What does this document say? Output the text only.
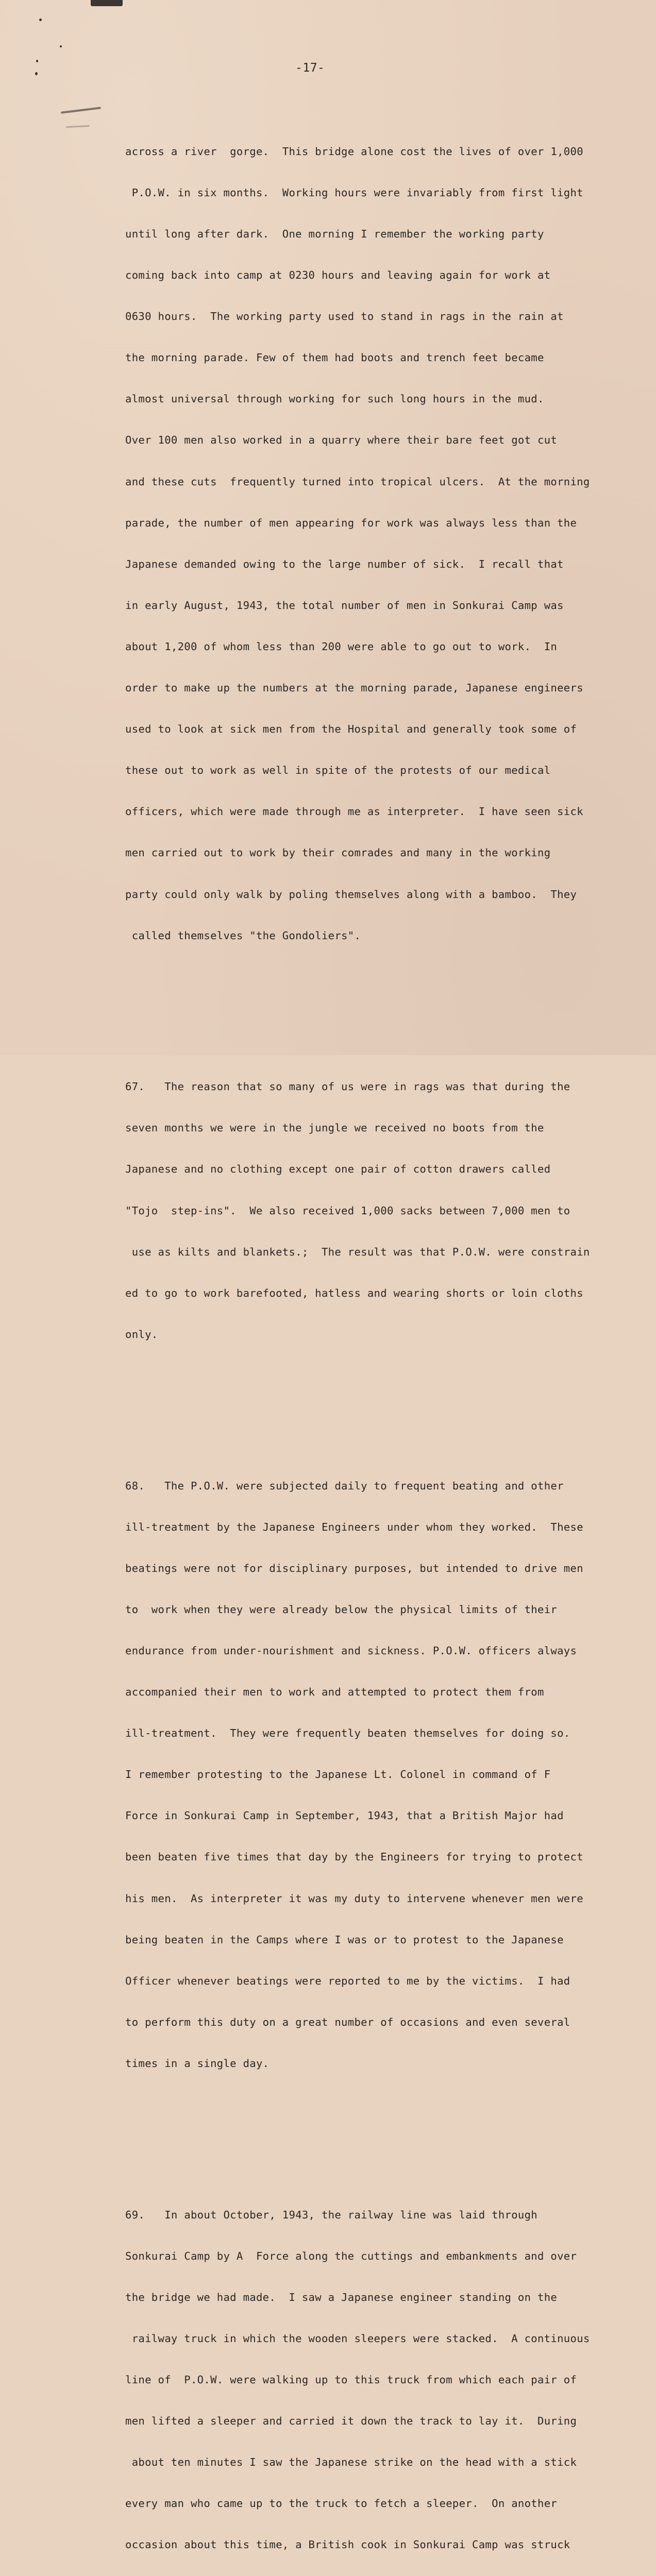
-17-

across a river  gorge.  This bridge alone cost the lives of over 1,000

P.O.W. in six months.  Working hours were invariably from first light

until long after dark.  One morning I remember the working party

coming back into camp at 0230 hours and leaving again for work at

0630 hours.  The working party used to stand in rags in the rain at

the morning parade. Few of them had boots and trench feet became

almost universal through working for such long hours in the mud.

Over 100 men also worked in a quarry where their bare feet got cut

and these cuts  frequently turned into tropical ulcers.  At the morning

parade, the number of men appearing for work was always less than the

Japanese demanded owing to the large number of sick.  I recall that

in early August, 1943, the total number of men in Sonkurai Camp was

about 1,200 of whom less than 200 were able to go out to work.  In

order to make up the numbers at the morning parade, Japanese engineers

used to look at sick men from the Hospital and generally took some of

these out to work as well in spite of the protests of our medical

officers, which were made through me as interpreter.  I have seen sick

men carried out to work by their comrades and many in the working

party could only walk by poling themselves along with a bamboo.  They

called themselves "the Gondoliers".

67.   The reason that so many of us were in rags was that during the

seven months we were in the jungle we received no boots from the

Japanese and no clothing except one pair of cotton drawers called

"Tojo  step-ins".  We also received 1,000 sacks between 7,000 men to

use as kilts and blankets.;  The result was that P.O.W. were constrain

ed to go to work barefooted, hatless and wearing shorts or loin cloths

only.

68.   The P.O.W. were subjected daily to frequent beating and other

ill-treatment by the Japanese Engineers under whom they worked.  These

beatings were not for disciplinary purposes, but intended to drive men

to  work when they were already below the physical limits of their

endurance from under-nourishment and sickness. P.O.W. officers always

accompanied their men to work and attempted to protect them from

ill-treatment.  They were frequently beaten themselves for doing so.

I remember protesting to the Japanese Lt. Colonel in command of F

Force in Sonkurai Camp in September, 1943, that a British Major had

been beaten five times that day by the Engineers for trying to protect

his men.  As interpreter it was my duty to intervene whenever men were

being beaten in the Camps where I was or to protest to the Japanese

Officer whenever beatings were reported to me by the victims.  I had

to perform this duty on a great number of occasions and even several

times in a single day.

69.   In about October, 1943, the railway line was laid through

Sonkurai Camp by A  Force along the cuttings and embankments and over

the bridge we had made.  I saw a Japanese engineer standing on the

railway truck in which the wooden sleepers were stacked.  A continuous

line of  P.O.W. were walking up to this truck from which each pair of

men lifted a sleeper and carried it down the track to lay it.  During

about ten minutes I saw the Japanese strike on the head with a stick

every man who came up to the truck to fetch a sleeper.  On another

occasion about this time, a British cook in Sonkurai Camp was struck
